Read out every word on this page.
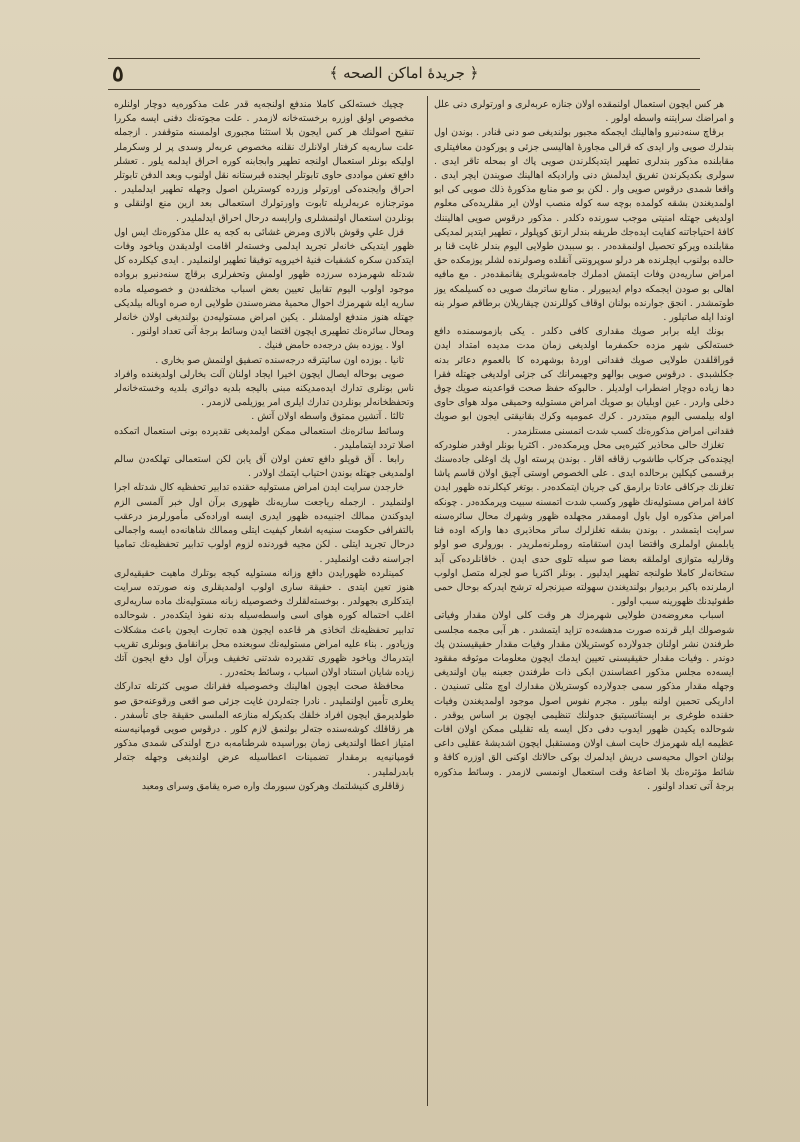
٥	﴿ جريدهٔ اماكن الصحه ﴾

هر كس ايچون استعمال اولنمقده اولان جنازه عربه‌لرى و اورتولرى دنى علل و امراضك سرايتنه واسطه اولور .

برقاچ سنه‌دنبرو واهالينك ايجمكه مجبور بولنديغى صو دنى قنادر . بوندن اول بندلرك صويى وار ايدى كه قرالى مجاورهٔ اهاليسى جزئى و يوركودن معافيتلرى مقابلنده مذكور بندلرى تطهير ايتديكلرندن صويى پاك او بمحله تاقر ايدى . سولرى بكديكرندن تفريق ايدلمش دنى واراديكه اهالينك صويندن ايچر ايدى . واقعا شمدى درقوس صويى وار . لكن بو صو منابع مذكورهٔ ذلك صويى كى ابو اولمديغندن بشقه كولمده بوچه سه كوله منصب اولان اير مقلريده‌كى معلوم اولديغى جهتله امنيتى موجب سورنده دكلدر . مذكور درقوس صويى اهاليننك كافهٔ احتياجاتنه كفايت ايده‌جك طريقه بندلر ارتق كوپلولر ، تطهير ايتدير لمديكى مقابلنده ويركو تحصيل اولنمقده‌در . بو سببدن طولايى اليوم بندلر غايت قنا بر حالده بولنوب ايچلرنده هر درلو سوپرونتى آنقلده وصولرنده لشلر يوزمكده حق امراض ساريه‌دن وفات ايتمش ادملرك جامه‌شويلرى يقانمقده‌در . مع مافيه اهالى بو صودن ايجمكه دوام ايدييورلر . منابع ساترمك صويى ده كسيلمكه يوز طوتمشدر . انجق جوارنده بولنان اوقاف كوللرندن چيقاريلان برطاقم صولر بنه اوندا ايله صاتيلور .

بونك ايله برابر صويك مقدارى كافى دكلدر . يكى بازموسمنده دافع خسته‌لكى شهر مزده حكمفرما اولديغى زمان مدت مديده امتداد ايدن قوراقلقدن طولايى صويك فقدانى اوردهٔ بوشهرده كا بالعموم دعائر بدنه جكلشبدى . درقوس صويى بوالهو وجهيمرانك كى جزئى اولديغى جهتله فقرا دها زياده دوچار اضطراب اولديلر . حالبوكه حفظ صحت قواعدينه صويك چوق دخلى واردر . عين اوبليان بو صويك امراض مستوليه وحميقى مولد هواى حاوى اوله بيلمسى اليوم مبتدردر . كرك عموميه وكرك بقانيقتى ايجون ابو صويك فقدانى امراض مذكوره‌نك كسب شدت اتمسنى مستلزمدر .

تغلزك حالى محاذير كثيره‌يى محل ويرمكده‌در . اكثريا بونلر اوقدر ضلودركه ايچنده‌كى جركاب طاشوب زقاقه اقار . بوندن پرسته اول پك اوغلى جاده‌سنك برقسمى كيكلين برحالده ايدى . على الخصوص اوستى آچيق اولان قاسم پاشا تغلزنك جركاقى عادتا برارمق كى جريان ايتمكده‌در . بوتغر كيكلرنده ظهور ايدن كافهٔ امراض مستوليه‌نك ظهور وكسب شدت اتمسنه سبيت ويرمكده‌در . چونكه امراض مذكوره اول باول اوممقدر مجهلده ظهور وشهرك محال سائره‌سنه سرايت ايتمشدر . بوندن بشقه تغلزلرك ساتر محاذيرى دها واركه اوده فنا يابلمش اولملرى واقتضا ايدن استقامته روملرنه‌ملريدر . بورولرى صو اولو وقارليه متوازى اولملقه بعضا صو سيله تلوى حدى ايدن . خاقانلرده‌كى آبد ستخانه‌لر كاملا طولنجه تظهير ايدليور . بونلر اكثريا صو لجرله متصل اولوب ارملرنده باكير برديوار بولنديغندن سهولته صيزنجرله ترشح ايدركه بوحال حمى طفوئيدنك ظهورينه سبب اولور .

اسباب معروضه‌دن طولايى شهرمزك هر وقت كلى اولان مقدار وفياتى شوصولك ايلر قرنده صورت مدهشه‌ده تزايد ايتمشدر . هر آبى مجمه مجلسى طرفندن نشر اولنان جدولارده كوستريلان مقدار وفيات مقدار حقيقيسندن پك دوندر . وفيات مقدار حقيقيسنى تعيين ايدمك ايچون معلومات موثوقه مفقود ايسه‌ده مجلس مذكور اعضاسندن ابكى ذات طرفندن جعبنه بيان اولنديغى وجهله مقدار مذكور سمى جدولارده كوستريلان مقدارك اوچ مثلى تسنيدن . اداريكى تحمين اولنه بيلور . مجرم نفوس اصول موجود اولمديغندن وفيات حقنده طوغرى بر ايستاتسيتيق جدولنك تنظيمى ايچون بر اساس يوقدر . شوحالده يكيدن ظهور ايدوب دفى دكل ايسه يله تقليلى ممكن اولان افات عظيمه ايله شهرمزك حايت اسف اولان ومستقبل ايچون اشديشهٔ عقليى داعى بولنان احوال محيه‌سى دريش ايدلمرك بوكى حالاتك اوكنى الق اوزره كافهٔ و شائط مؤثره‌نك بلا اضاعهٔ وقت استعمال اونمسى لازمدر . وسائط مذكوره برجهٔ آتى تعداد اولنور .

چچيك خسته‌لكى كاملا مندفع اولنجه‌يه قدر علت مذكوره‌يه دوچار اولنلره مخصوص اولق اوزره برخسته‌خانه لازمدر . علت مجوته‌نك دفنى ايسه مكررا تنقيح اصولنك هر كس ايجون بلا استثنا مجبورى اولمسنه متوقفدر . ازجمله علت ساريه‌يه كرفتار اولانلرك نقلنه مخصوص عربه‌لر وسدى پر لر وسكرملر اوليكه بونلر استعمال اولنجه تطهير وابجابنه كوره احراق ايدلمه يلور . تعشلر دافع تعفن مواددى حاوى تابوتلر ايجنده قبرستانه نقل اولنوب وبعد الدفن تابوتلر احراق وايجنده‌كى اورتولر وزرده كوستريلن اصول وجهله تطهير ايدلمليدر . موترجنازه عربه‌لريله تابوت واورتولرك استعمالى بعد ازين منع اولنقلى و بونلردن استعمال اولنمشلرى وارايسه درحال احراق ايدلمليدر .

قزل علي وقوش بالازى ومرض غشائى به كجه يه علل مذكوره‌نك ايس اول ظهور ايتديكى خانه‌لر تجريد ايدلمى وخسته‌لر اقامت اولديقدن وياخود وفات ايتدكدن سكره كشفيات فنيهٔ اخيرويه توفيقا تطهير اولنمليدر . ايدى كيكلرده كل شدتله شهرمزده سرزده ظهور اولمش وتحفرلرى برقاچ سنه‌دنبرو برواده موجود اولوب اليوم تقابيل تعيين بعض اسباب مختلفه‌دن و خصوصيله ماده ساريه ايله شهرمزك احوال محميهٔ مضره‌سندن طولايى اره صره اوباله بيلديكى جهتله هنوز مندفع اولمشلر . يكين امراض مستوليه‌دن بولنديغى اولان خانه‌لر ومحال سائره‌نك تطهيرى ايچون اقتضا ايدن وسائط برجهٔ آتى تعداد اولنور .

اولا . يوزده بش درجه‌ده حامض فنيك .

ثانيا . بوزده اون سائيترقه درجه‌سنده تصفيق اولنمش صو بخارى .

صويى بوحاله ايصال ايچون اخيرا ايجاد اولنان آلت بخارلى اولديغنده وافراد ناس بونلرى تدارك ايده‌مديكنه مبنى باليجه بلديه دوائرى بلديه وخسته‌خانه‌لر وتحفظخانه‌لر بونلردن تدارك ايلرى امر يوزيلمى لازمدر .

ثالثا . آتشين ممتوق واسطه اولان آتش .

وسائط سائره‌نك استعمالى ممكن اولمديغى تقديرده بونى استعمال اتمكده اصلا تردد ايتمامليدر .

رابعا . آق قويلو دافع تعفن اولان آق يابن لكن استعمالى تهلكه‌دن سالم اولمديغى جهتله بوندن احتياب ايتمك اولادر .

خارجدن سرايت ايدن امراض مستوليه حقنده تدابير تحفظيه كال شدتله اجرا اولنمليدر . ازجمله رياجعت ساريه‌نك ظهورى برآن اول خبر آلمسى الزم ايدوكندن ممالك اجنبيه‌ده ظهور ايدرى ايسه اوراده‌كى مأمورلرمز درعقب بالتفرافى حكومت سنيه‌يه اشعار كيفيت ايتلى وممالك شاهانه‌ده ايسه واجمالى درحال تجريد ايتلى . لكن مجيه قوردنده لزوم اولوب تدابير تحفظيه‌نك تماميا اجراسنه دقت اولنمليدر .

كمينلرده ظهورايدن دافع وزانه مستوليه كيجه بوتلرك ماهيت حقيقيه‌لرى هنوز تعين ايتدى . حقيقة سارى اولوب اولمديقلرى ونه صورتده سرايت ايتدكلرى بجهولدر . بوخسته‌لقلرك وخصوصيله زبانه مستوليه‌نك ماده ساريه‌لرى اغلب احتماله كوره هواى اسى واسطه‌سيله بدنه نفوذ ايتكده‌در . شوحالده تدابير تحفظيه‌نك اتخاذى هر قاعده ايجون هده تجارت ايجون باعث مشكلات وزيادور . بناء عليه امراض مستوليه‌نك سوبعنده محل برانقامق وبونلرى تقريب ايتدرماك وياخود ظهورى تقديرده شدتنى تخفيف وبرآن اول دفع ايجون آتك زياده شايان استناد اولان اسباب ، وسائط بحثه‌درر .

محافظهٔ صحت ايچون اهالينك وخصوصيله فقرانك صويى كثرتله تداركك يعلرى تأمين اولنمليدر . نادرا جته‌لردن غايت جزئى صو اقعى ورقوعنه‌حق صو طولديرمق ايچون افراد خلقك بكديكرله منازعه الملسى حقيقة جاى تأسفدر . هر زقاقلك كوشه‌سنده جته‌لر بولنمق لازم كلور . درقوس صويى قومپانيه‌سنه امتياز اعطا اولنديغى زمان بوراسيده شرطنامه‌به درج اولندكى شمدى مذكور قومپانيه‌يه برمقدار تضمينات اعطاسيله عرض اولنديغى وجهله جته‌لر بابدرلمليدر .

زقاقلرى كنيشلتمك وهركون سبورمك واره صره يقامق وسراى ومعبد
